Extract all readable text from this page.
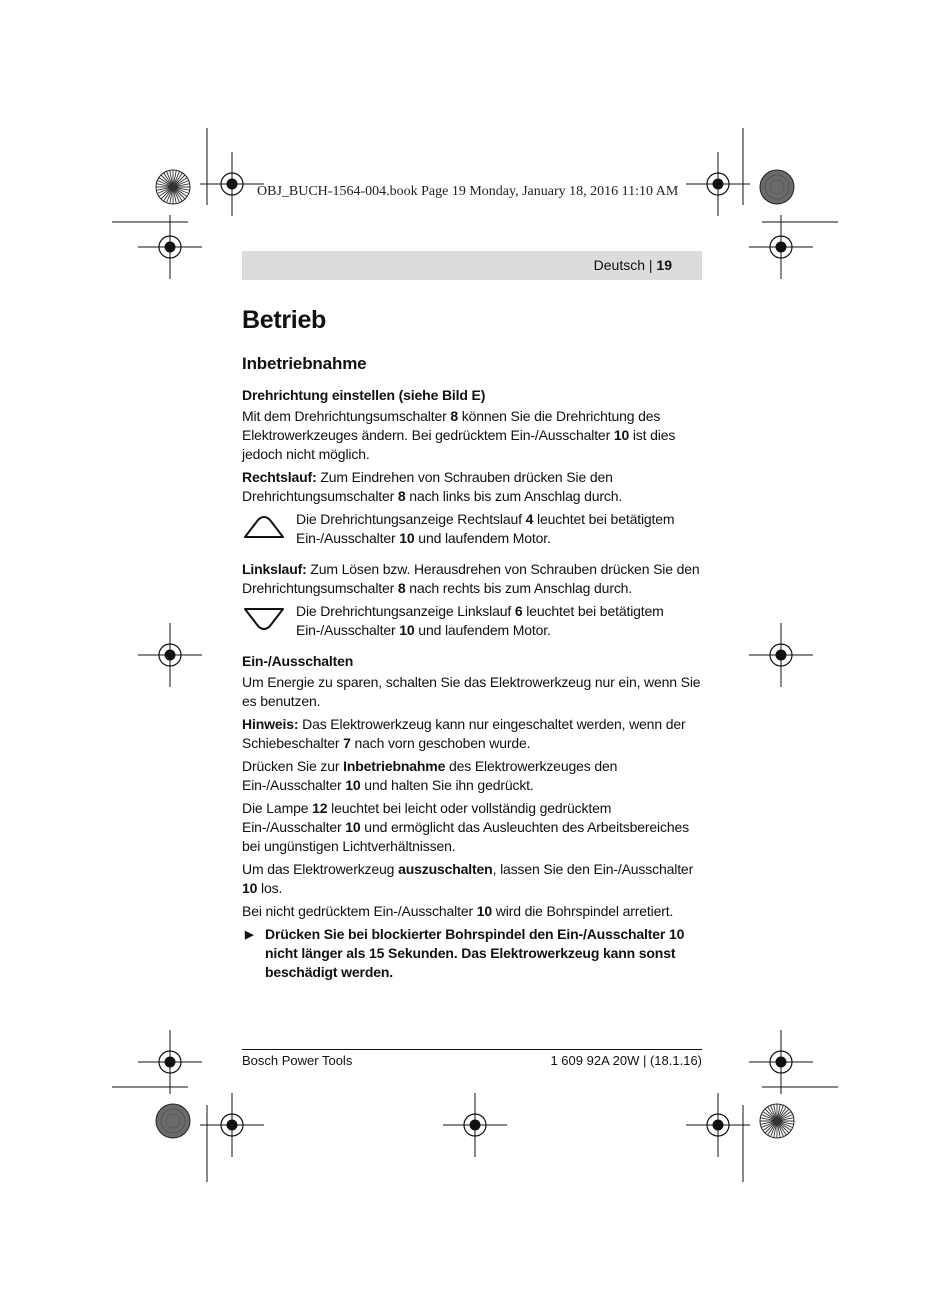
OBJ_BUCH-1564-004.book Page 19 Monday, January 18, 2016 11:10 AM
Deutsch | 19
Betrieb
Inbetriebnahme
Drehrichtung einstellen (siehe Bild E)

Mit dem Drehrichtungsumschalter 8 können Sie die Drehrichtung des Elektrowerkzeuges ändern. Bei gedrücktem Ein-/Ausschalter 10 ist dies jedoch nicht möglich.

Rechtslauf: Zum Eindrehen von Schrauben drücken Sie den Drehrichtungsumschalter 8 nach links bis zum Anschlag durch.

Die Drehrichtungsanzeige Rechtslauf 4 leuchtet bei betätigtem Ein-/Ausschalter 10 und laufendem Motor.

Linkslauf: Zum Lösen bzw. Herausdrehen von Schrauben drücken Sie den Drehrichtungsumschalter 8 nach rechts bis zum Anschlag durch.

Die Drehrichtungsanzeige Linkslauf 6 leuchtet bei betätigtem Ein-/Ausschalter 10 und laufendem Motor.
Ein-/Ausschalten

Um Energie zu sparen, schalten Sie das Elektrowerkzeug nur ein, wenn Sie es benutzen.

Hinweis: Das Elektrowerkzeug kann nur eingeschaltet werden, wenn der Schiebeschalter 7 nach vorn geschoben wurde.

Drücken Sie zur Inbetriebnahme des Elektrowerkzeuges den Ein-/Ausschalter 10 und halten Sie ihn gedrückt.

Die Lampe 12 leuchtet bei leicht oder vollständig gedrücktem Ein-/Ausschalter 10 und ermöglicht das Ausleuchten des Arbeitsbereiches bei ungünstigen Lichtverhältnissen.

Um das Elektrowerkzeug auszuschalten, lassen Sie den Ein-/Ausschalter 10 los.

Bei nicht gedrücktem Ein-/Ausschalter 10 wird die Bohrspindel arretiert.

▶ Drücken Sie bei blockierter Bohrspindel den Ein-/Ausschalter 10 nicht länger als 15 Sekunden. Das Elektrowerkzeug kann sonst beschädigt werden.
Bosch Power Tools	1 609 92A 20W | (18.1.16)
